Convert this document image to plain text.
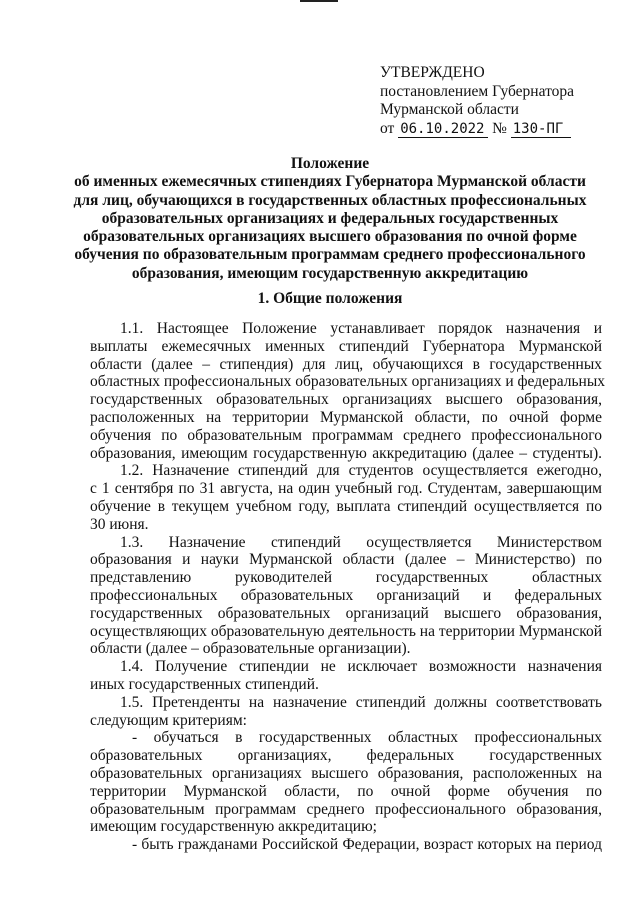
УТВЕРЖДЕНО
постановлением Губернатора
Мурманской области
от 06.10.2022 № 130-ПГ
Положение
об именных ежемесячных стипендиях Губернатора Мурманской области
для лиц, обучающихся в государственных областных профессиональных
образовательных организациях и федеральных государственных
образовательных организациях высшего образования по очной форме
обучения по образовательным программам среднего профессионального
образования, имеющим государственную аккредитацию
1. Общие положения
1.1. Настоящее Положение устанавливает порядок назначения и
выплаты ежемесячных именных стипендий Губернатора Мурманской
области (далее – стипендия) для лиц, обучающихся в государственных
областных профессиональных образовательных организациях и федеральных
государственных образовательных организациях высшего образования,
расположенных на территории Мурманской области, по очной форме
обучения по образовательным программам среднего профессионального
образования, имеющим государственную аккредитацию (далее – студенты).
1.2. Назначение стипендий для студентов осуществляется ежегодно,
с 1 сентября по 31 августа, на один учебный год. Студентам, завершающим
обучение в текущем учебном году, выплата стипендий осуществляется по
30 июня.
1.3. Назначение стипендий осуществляется Министерством
образования и науки Мурманской области (далее – Министерство) по
представлению руководителей государственных областных
профессиональных образовательных организаций и федеральных
государственных образовательных организаций высшего образования,
осуществляющих образовательную деятельность на территории Мурманской
области (далее – образовательные организации).
1.4. Получение стипендии не исключает возможности назначения
иных государственных стипендий.
1.5. Претенденты на назначение стипендий должны соответствовать
следующим критериям:
- обучаться в государственных областных профессиональных
образовательных организациях, федеральных государственных
образовательных организациях высшего образования, расположенных на
территории Мурманской области, по очной форме обучения по
образовательным программам среднего профессионального образования,
имеющим государственную аккредитацию;
- быть гражданами Российской Федерации, возраст которых на период
